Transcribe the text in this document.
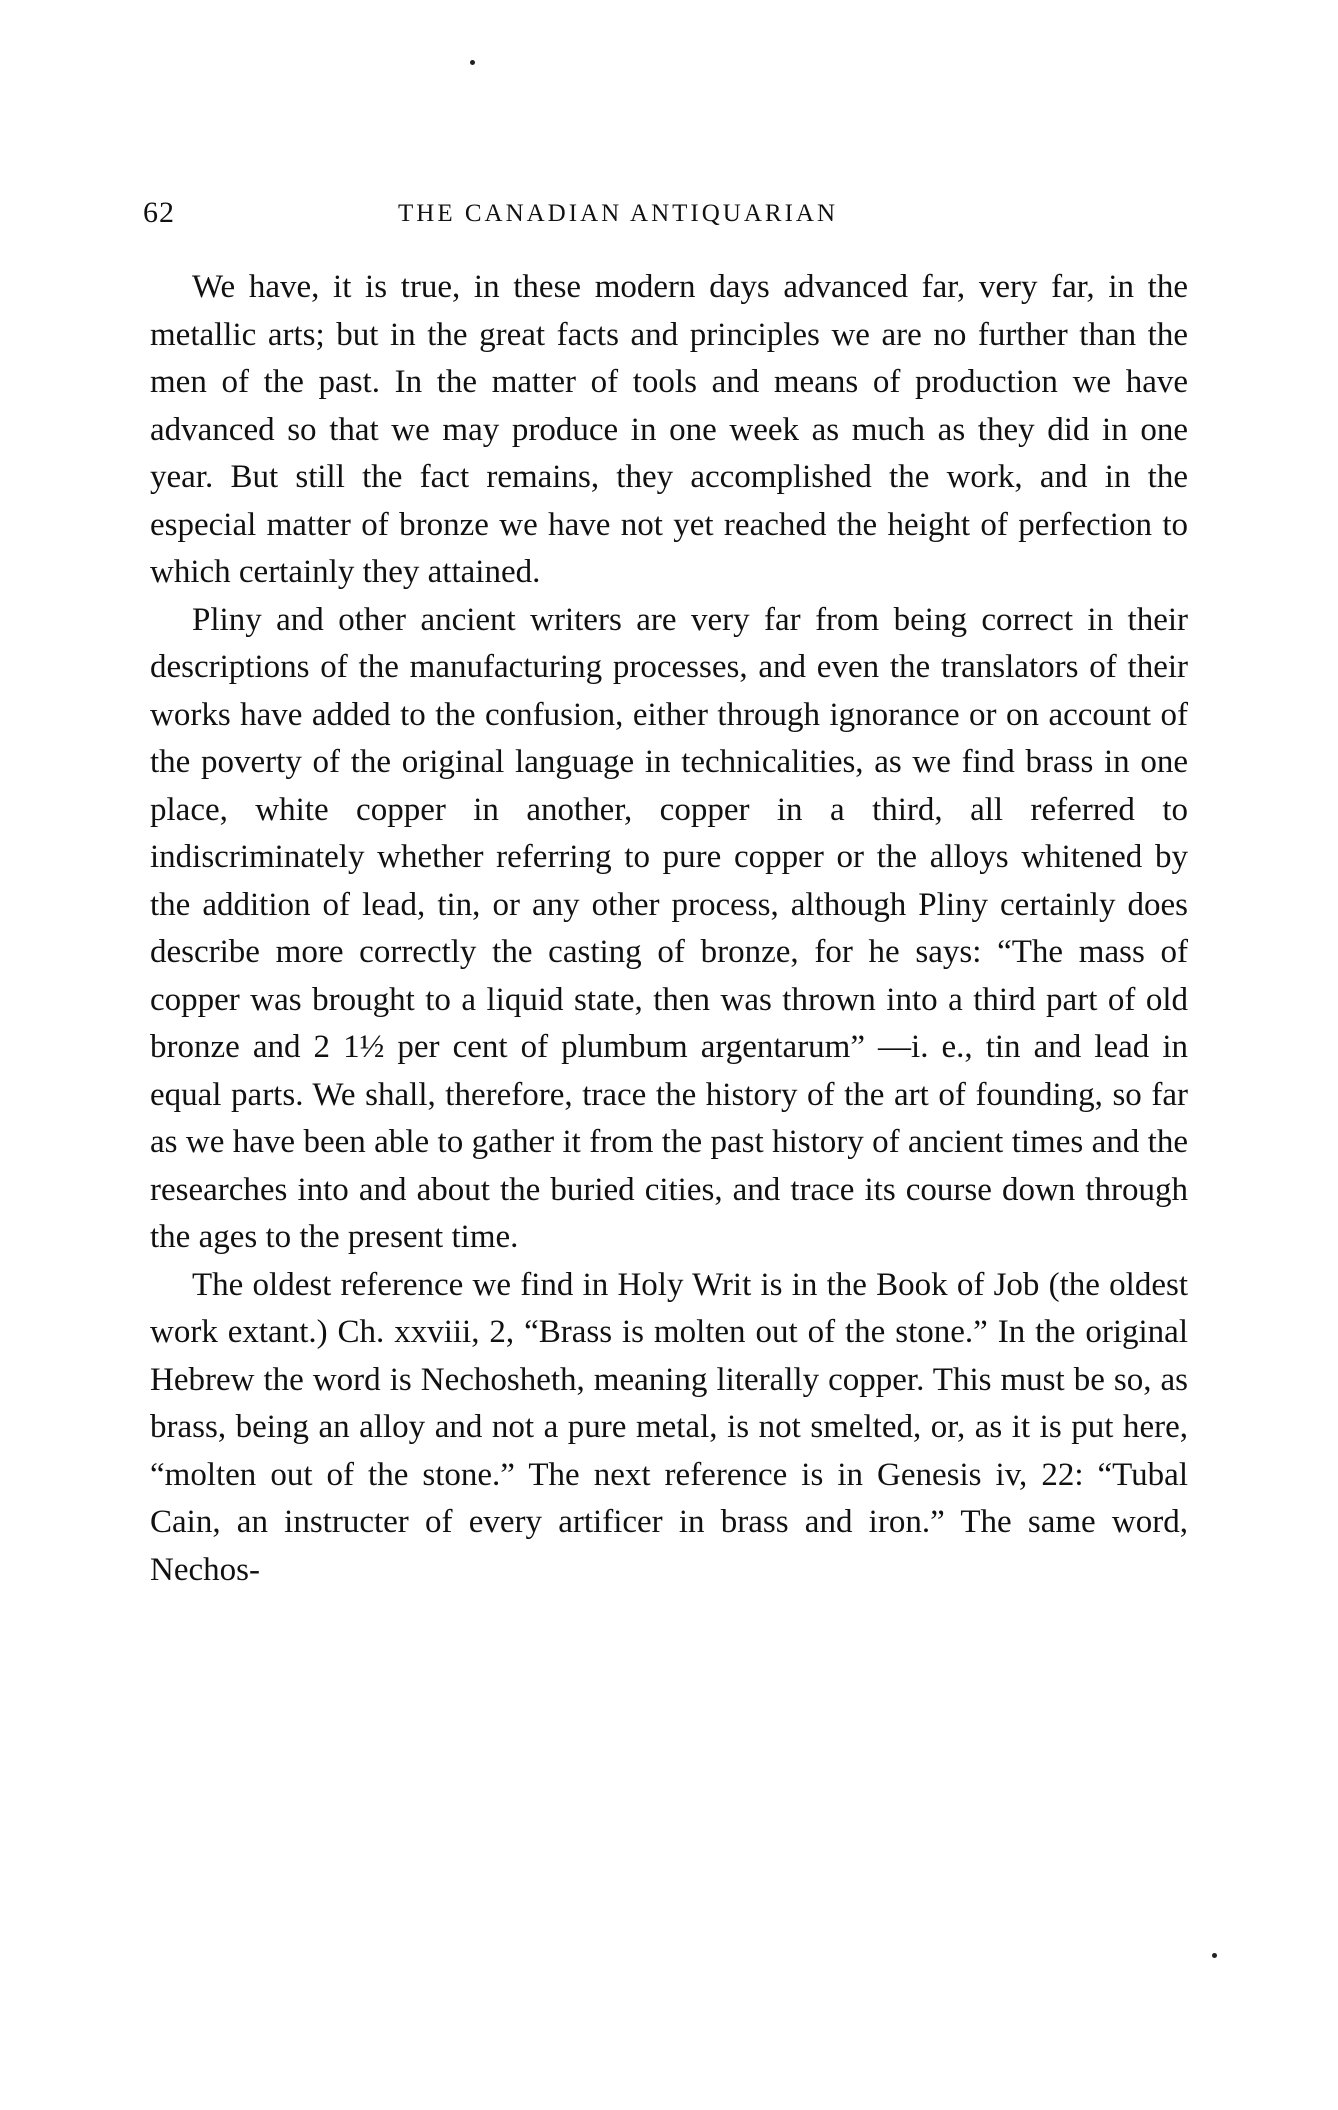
62	THE CANADIAN ANTIQUARIAN

We have, it is true, in these modern days advanced far, very far, in the metallic arts; but in the great facts and principles we are no further than the men of the past. In the matter of tools and means of production we have advanced so that we may produce in one week as much as they did in one year. But still the fact remains, they accomplished the work, and in the especial matter of bronze we have not yet reached the height of perfection to which certainly they attained.

Pliny and other ancient writers are very far from being correct in their descriptions of the manufacturing processes, and even the translators of their works have added to the confusion, either through ignorance or on account of the poverty of the original language in technicalities, as we find brass in one place, white copper in another, copper in a third, all referred to indiscriminately whether referring to pure copper or the alloys whitened by the addition of lead, tin, or any other process, although Pliny certainly does describe more correctly the casting of bronze, for he says: “The mass of copper was brought to a liquid state, then was thrown into a third part of old bronze and 2 1½ per cent of plumbum argentarum” —i. e., tin and lead in equal parts. We shall, therefore, trace the history of the art of founding, so far as we have been able to gather it from the past history of ancient times and the researches into and about the buried cities, and trace its course down through the ages to the present time.

The oldest reference we find in Holy Writ is in the Book of Job (the oldest work extant.) Ch. xxviii, 2, “Brass is molten out of the stone.” In the original Hebrew the word is Nechosheth, meaning literally copper. This must be so, as brass, being an alloy and not a pure metal, is not smelted, or, as it is put here, “molten out of the stone.” The next reference is in Genesis iv, 22: “Tubal Cain, an instructer of every artificer in brass and iron.” The same word, Nechos-
